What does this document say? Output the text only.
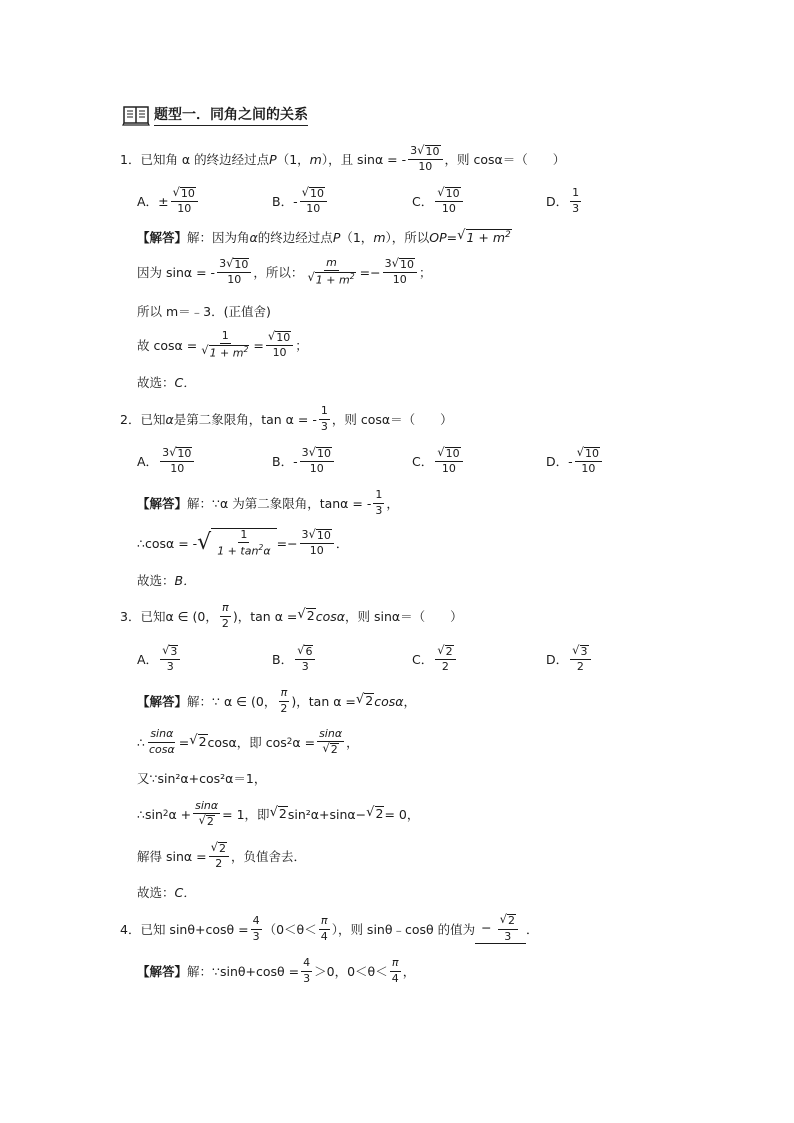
题型一．同角之间的关系
1． 已知角 α 的终边经过点 P （1， m ），且 sinα = - $\frac{3 √ 10}{10}$ ，则 cosα＝（　　）
A． ± $\frac{√ 10}{10}$	B． - $\frac{√ 10}{10}$	C． $\frac{√ 10}{10}$	D． $\frac{1}{3}$
【解答】 解： 因为角 α 的终边经过点 P （1， m ），所以 OP = √ $1 + m^2$
因为 sinα = - $\frac{3 √ 10}{10}$ ，所以： $\frac{m}{√ 1 + m^2} =- \frac{3 √ 10}{10}$ ；
所以 m＝﹣3．(正值舍)
故 $\cos\alpha = \frac{1}{√ 1 + m^2} = \frac{√ 10}{10}$ ；
故选： C．
2． 已知 α 是第二象限角，tan α = - $\frac{1}{3}$ ，则 cosα＝（　　）
A． $\frac{3 √ 10}{10}$	B． - $\frac{3 √ 10}{10}$	C． $\frac{√ 10}{10}$	D． - $\frac{√ 10}{10}$
【解答】 解： ∵α 为第二象限角，tanα = - $\frac{1}{3}$ ，
∴cosα = - √ $\frac{1}{1 + \tan^2\alpha} =- \frac{3 √ 10}{10}$ ．
故选： B．
3． 已知α ∈ (0， $\frac{\pi}{2}$ )，tan α = √ 2 cosα ，则 sinα＝（　　）
A． $\frac{√ 3}{3}$	B． $\frac{√ 6}{3}$	C． $\frac{√ 2}{2}$	D． $\frac{√ 3}{2}$
【解答】 解： ∵ α ∈ (0， $\frac{\pi}{2}$ )，tan α = √ 2 cosα ，
∴ $\frac{\sin\alpha}{\cos\alpha}$ = √ 2 cosα，即 cos 2 $\alpha = \frac{\sin\alpha}{√ 2}$ ，
又∵sin²α+cos²α＝1，
∴sin 2 $\alpha + \frac{\sin\alpha}{√ 2} = 1$，即 √ 2 sin²α+sinα− √ 2 = 0，
解得 $\sin\alpha = \frac{√ 2}{2}$ ，负值舍去．
故选： C．
4． 已知 $\sin\theta+\cos\theta = \frac{4}{3} (0<\theta< \frac{\pi}{4}$ ），则 sinθ﹣cosθ 的值为 − $\frac{√ 2}{3}$ ．
【解答】 解： ∵sinθ+cosθ = $\frac{4}{3} >0$，$0<\theta< \frac{\pi}{4}$ ，
